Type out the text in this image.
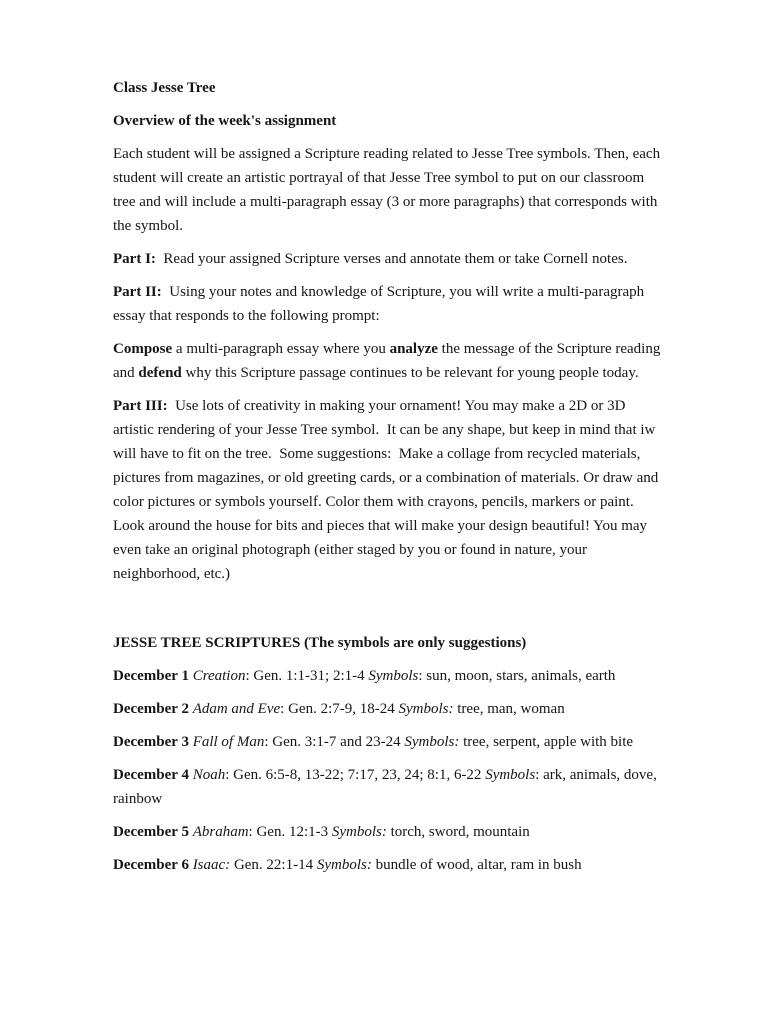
Class Jesse Tree

Overview of the week's assignment

Each student will be assigned a Scripture reading related to Jesse Tree symbols. Then, each student will create an artistic portrayal of that Jesse Tree symbol to put on our classroom tree and will include a multi-paragraph essay (3 or more paragraphs) that corresponds with the symbol.

Part I:  Read your assigned Scripture verses and annotate them or take Cornell notes.

Part II:  Using your notes and knowledge of Scripture, you will write a multi-paragraph essay that responds to the following prompt:

Compose a multi-paragraph essay where you analyze the message of the Scripture reading and defend why this Scripture passage continues to be relevant for young people today.

Part III:  Use lots of creativity in making your ornament! You may make a 2D or 3D artistic rendering of your Jesse Tree symbol.  It can be any shape, but keep in mind that iw will have to fit on the tree.  Some suggestions:  Make a collage from recycled materials, pictures from magazines, or old greeting cards, or a combination of materials. Or draw and color pictures or symbols yourself. Color them with crayons, pencils, markers or paint. Look around the house for bits and pieces that will make your design beautiful! You may even take an original photograph (either staged by you or found in nature, your neighborhood, etc.)

JESSE TREE SCRIPTURES (The symbols are only suggestions)

December 1 Creation: Gen. 1:1-31; 2:1-4 Symbols: sun, moon, stars, animals, earth

December 2 Adam and Eve: Gen. 2:7-9, 18-24 Symbols: tree, man, woman

December 3 Fall of Man: Gen. 3:1-7 and 23-24 Symbols: tree, serpent, apple with bite

December 4 Noah: Gen. 6:5-8, 13-22; 7:17, 23, 24; 8:1, 6-22 Symbols: ark, animals, dove, rainbow

December 5 Abraham: Gen. 12:1-3 Symbols: torch, sword, mountain

December 6 Isaac: Gen. 22:1-14 Symbols: bundle of wood, altar, ram in bush
